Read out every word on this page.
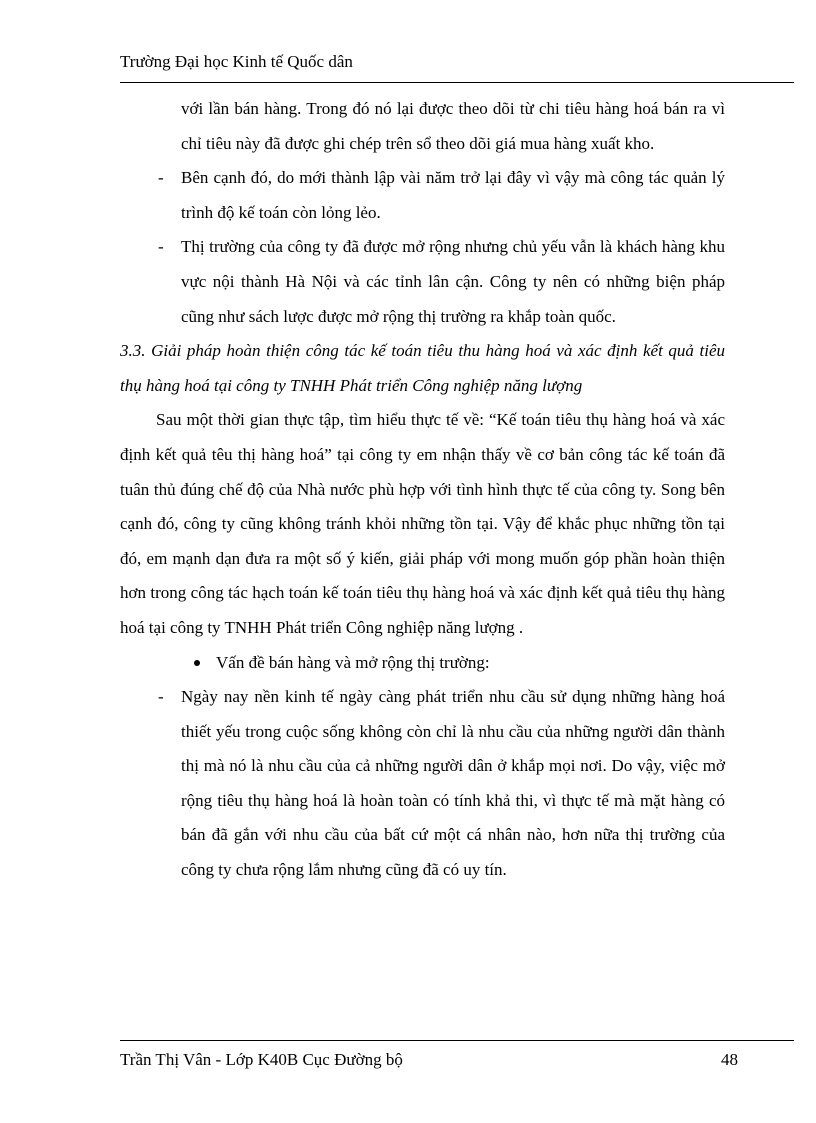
Trường Đại học Kinh tế Quốc dân

với lần bán hàng. Trong đó nó lại được theo dõi từ chi tiêu hàng hoá bán ra vì chỉ tiêu này đã được ghi chép trên sổ theo dõi giá mua hàng xuất kho.

- Bên cạnh đó, do mới thành lập vài năm trở lại đây vì vậy mà công tác quản lý trình độ kế toán còn lỏng lẻo.

- Thị trường của công ty đã được mở rộng nhưng chủ yếu vẫn là khách hàng khu vực nội thành Hà Nội và các tỉnh lân cận. Công ty nên có những biện pháp cũng như sách lược được mở rộng thị trường ra khắp toàn quốc.

3.3. Giải pháp hoàn thiện công tác kế toán tiêu thu hàng hoá và xác định kết quả tiêu thụ hàng hoá tại công ty TNHH Phát triển Công nghiệp năng lượng

Sau một thời gian thực tập, tìm hiểu thực tế về: “Kế toán tiêu thụ hàng hoá và xác định kết quả têu thị hàng hoá” tại công ty em nhận thấy về cơ bản công tác kế toán đã tuân thủ đúng chế độ của Nhà nước phù hợp với tình hình thực tế của công ty. Song bên cạnh đó, công ty cũng không tránh khỏi những tồn tại. Vậy để khắc phục những tồn tại đó, em mạnh dạn đưa ra một số ý kiến, giải pháp với mong muốn góp phần hoàn thiện hơn trong công tác hạch toán kế toán tiêu thụ hàng hoá và xác định kết quả tiêu thụ hàng hoá tại công ty TNHH Phát triển Công nghiệp năng lượng .

Vấn đề bán hàng và mở rộng thị trường:

- Ngày nay nền kinh tế ngày càng phát triển nhu cầu sử dụng những hàng hoá thiết yếu trong cuộc sống không còn chỉ là nhu cầu của những người dân thành thị mà nó là nhu cầu của cả những người dân ở khắp mọi nơi. Do vậy, việc mở rộng tiêu thụ hàng hoá là hoàn toàn có tính khả thi, vì thực tế mà mặt hàng có bán đã gắn với nhu cầu của bất cứ một cá nhân nào, hơn nữa thị trường của công ty chưa rộng lắm nhưng cũng đã có uy tín.

Trần Thị Vân - Lớp K40B Cục Đường bộ	48
